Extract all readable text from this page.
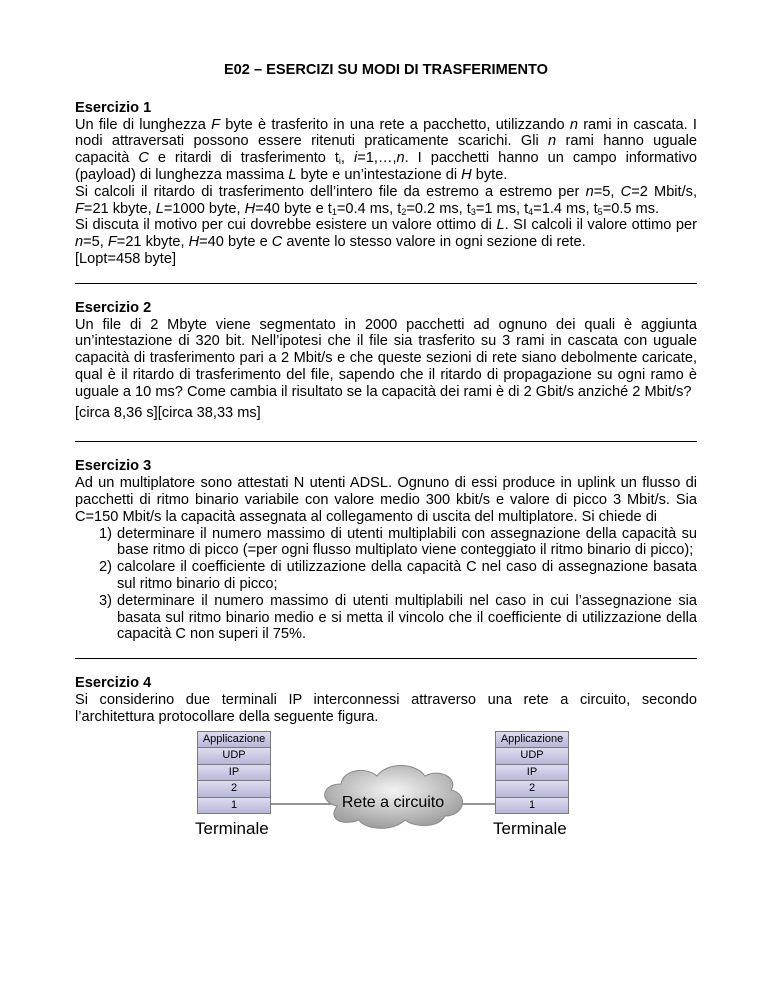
E02 – ESERCIZI SU MODI DI TRASFERIMENTO
Esercizio 1

Un file di lunghezza F byte è trasferito in una rete a pacchetto, utilizzando n rami in cascata. I nodi attraversati possono essere ritenuti praticamente scarichi. Gli n rami hanno uguale capacità C e ritardi di trasferimento $t_i$, i=1,…,n. I pacchetti hanno un campo informativo (payload) di lunghezza massima L byte e un’intestazione di H byte.

Si calcoli il ritardo di trasferimento dell’intero file da estremo a estremo per n=5, C=2 Mbit/s, F=21 kbyte, L=1000 byte, H=40 byte e $t_1=0.4$ ms, $t_2=0.2$ ms, $t_3=1$ ms, $t_4=1.4$ ms, $t_5=0.5$ ms.

Si discuta il motivo per cui dovrebbe esistere un valore ottimo di L. SI calcoli il valore ottimo per n=5, F=21 kbyte, H=40 byte e C avente lo stesso valore in ogni sezione di rete.

[Lopt=458 byte]

Esercizio 2

Un file di 2 Mbyte viene segmentato in 2000 pacchetti ad ognuno dei quali è aggiunta un’intestazione di 320 bit. Nell’ipotesi che il file sia trasferito su 3 rami in cascata con uguale capacità di trasferimento pari a 2 Mbit/s e che queste sezioni di rete siano debolmente caricate, qual è il ritardo di trasferimento del file, sapendo che il ritardo di propagazione su ogni ramo è uguale a 10 ms? Come cambia il risultato se la capacità dei rami è di 2 Gbit/s anziché 2 Mbit/s?

[circa 8,36 s][circa 38,33 ms]

Esercizio 3

Ad un multiplatore sono attestati N utenti ADSL. Ognuno di essi produce in uplink un flusso di pacchetti di ritmo binario variabile con valore medio 300 kbit/s e valore di picco 3 Mbit/s. Sia C=150 Mbit/s la capacità assegnata al collegamento di uscita del multiplatore. Si chiede di

1) determinare il numero massimo di utenti multiplabili con assegnazione della capacità su base ritmo di picco (=per ogni flusso multiplato viene conteggiato il ritmo binario di picco);
2) calcolare il coefficiente di utilizzazione della capacità C nel caso di assegnazione basata sul ritmo binario di picco;
3) determinare il numero massimo di utenti multiplabili nel caso in cui l’assegnazione sia basata sul ritmo binario medio e si metta il vincolo che il coefficiente di utilizzazione della capacità C non superi il 75%.
Esercizio 4

Si considerino due terminali IP interconnessi attraverso una rete a circuito, secondo l’architettura protocollare della seguente figura.

Applicazione
UDP
IP
2
1	Rete a circuito
Applicazione
UDP
IP
2
1
Terminale	Terminale
